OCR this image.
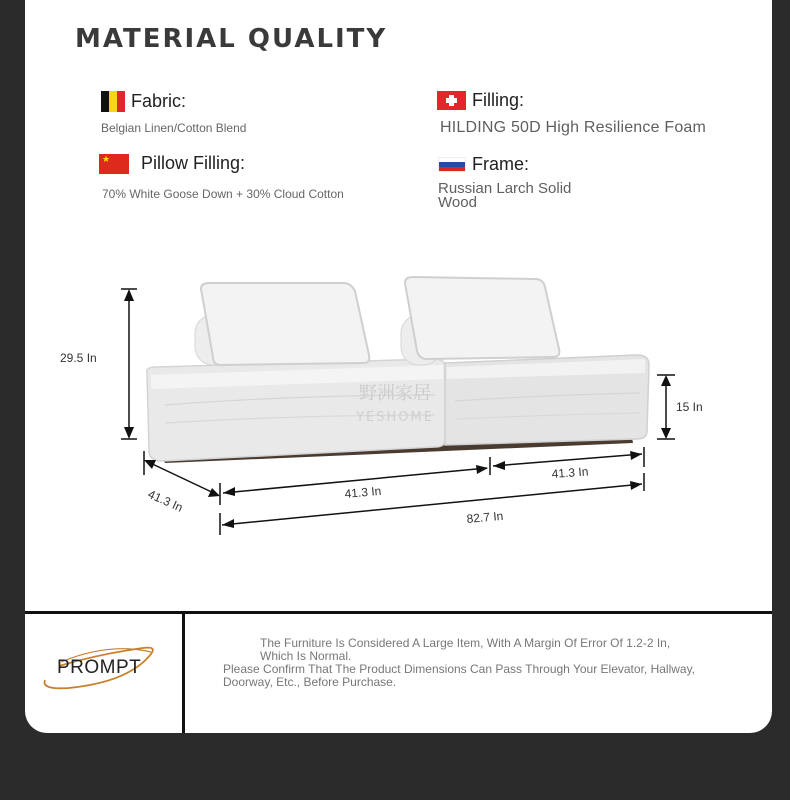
MATERIAL QUALITY
Fabric:
Belgian Linen/Cotton Blend
Filling:
HILDING 50D High Resilience Foam
★ Pillow Filling:
70% White Goose Down + 30% Cloud Cotton
Frame:
Russian Larch Solid Wood
野洲家居
YESHOME
29.5 In
15 In
41.3 In	41.3 In
41.3 In
82.7 In
PROMPT
The Furniture Is Considered A Large Item, With A Margin Of Error Of 1.2-2 In,
Which Is Normal.
Please Confirm That The Product Dimensions Can Pass Through Your Elevator, Hallway,
Doorway, Etc., Before Purchase.
